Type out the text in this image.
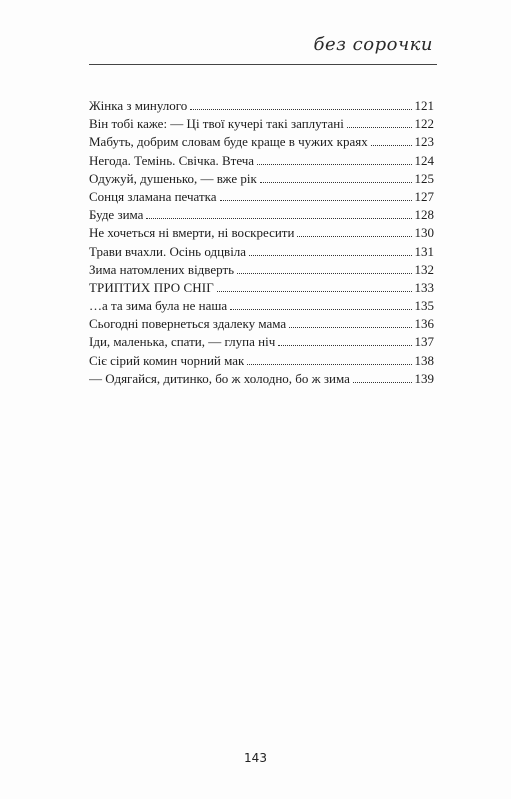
без сорочки
Жінка з минулого	121
Він тобі каже: — Ці твої кучері такі заплутані	122
Мабуть, добрим словам буде краще в чужих краях	123
Негода. Темінь. Свічка. Втеча	124
Одужуй, душенько, — вже рік	125
Сонця зламана печатка	127
Буде зима	128
Не хочеться ні вмерти, ні воскресити	130
Трави вчахли. Осінь одцвіла	131
Зима натомлених відверть	132
ТРИПТИХ ПРО СНІГ	133
…а та зима була не наша	135
Сьогодні повернеться здалеку мама	136
Іди, маленька, спати, — глупа ніч	137
Сіє сірий комин чорний мак	138
— Одягайся, дитинко, бо ж холодно, бо ж зима	139
143
